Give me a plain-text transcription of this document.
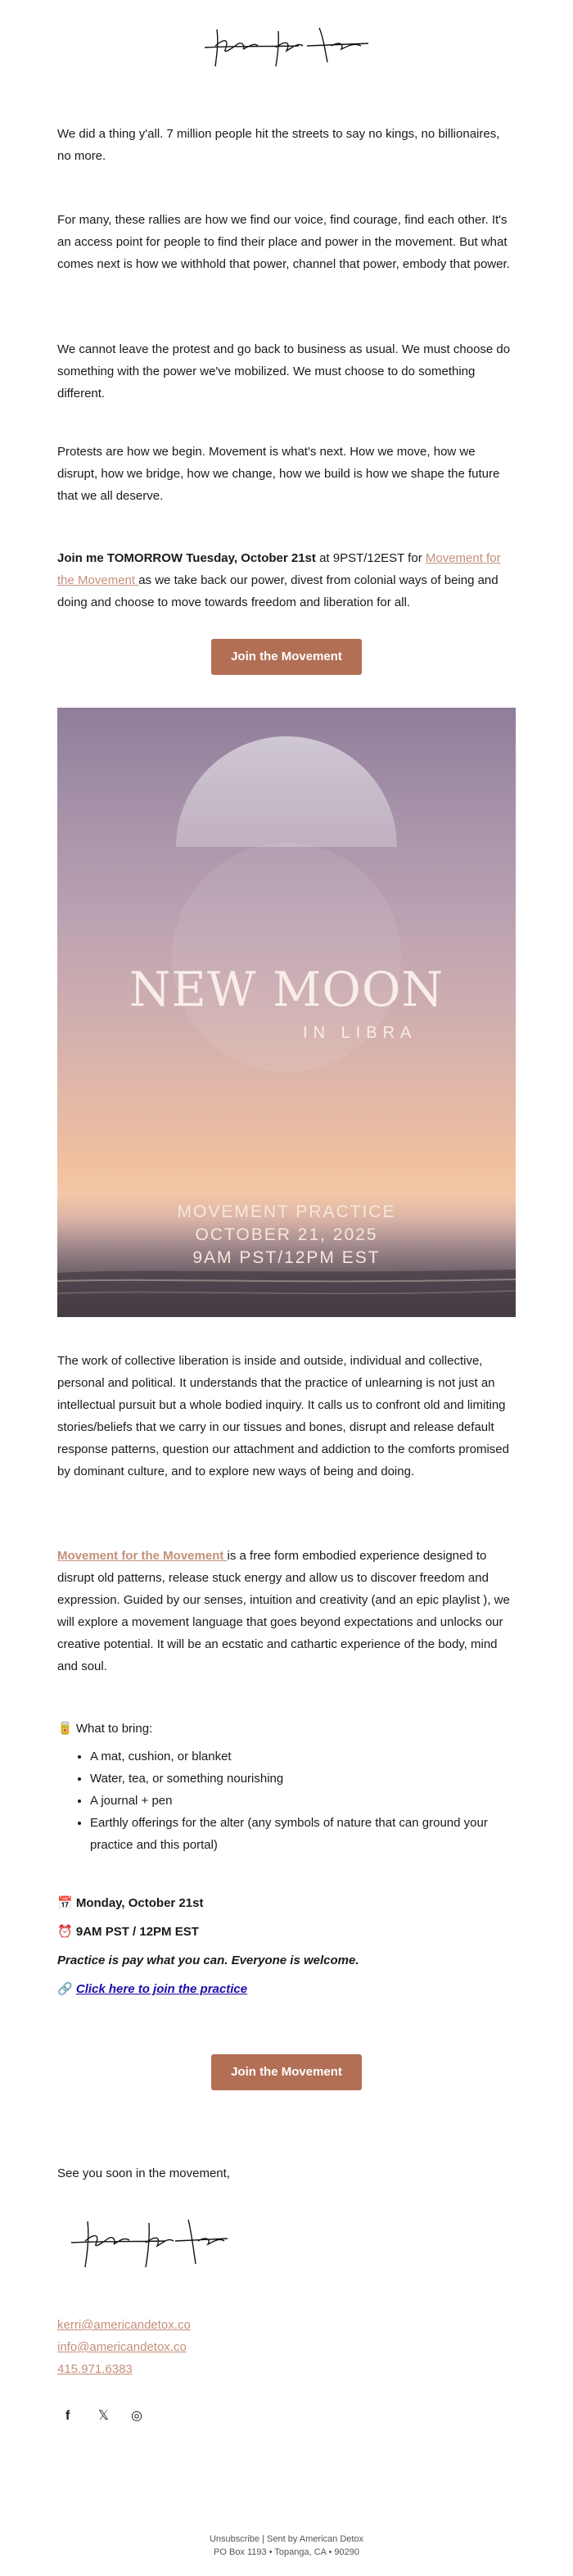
We did a thing y'all. 7 million people hit the streets to say no kings, no billionaires, no more.

For many, these rallies are how we find our voice, find courage, find each other. It's an access point for people to find their place and power in the movement. But what comes next is how we withhold that power, channel that power, embody that power.

We cannot leave the protest and go back to business as usual. We must choose do something with the power we've mobilized. We must choose to do something different.

Protests are how we begin. Movement is what's next. How we move, how we disrupt, how we bridge, how we change, how we build is how we shape the future that we all deserve.

Join me TOMORROW Tuesday, October 21st at 9PST/12EST for Movement for the Movement as we take back our power, divest from colonial ways of being and doing and choose to move towards freedom and liberation for all.

Join the Movement
NEW MOON
IN LIBRA
MOVEMENT PRACTICE
OCTOBER 21, 2025
9AM PST/12PM EST

The work of collective liberation is inside and outside, individual and collective, personal and political. It understands that the practice of unlearning is not just an intellectual pursuit but a whole bodied inquiry. It calls us to confront old and limiting stories/beliefs that we carry in our tissues and bones, disrupt and release default response patterns, question our attachment and addiction to the comforts promised by dominant culture, and to explore new ways of being and doing.

Movement for the Movement is a free form embodied experience designed to disrupt old patterns, release stuck energy and allow us to discover freedom and expression. Guided by our senses, intuition and creativity (and an epic playlist ), we will explore a movement language that goes beyond expectations and unlocks our creative potential. It will be an ecstatic and cathartic experience of the body, mind and soul.

🥫 What to bring:

• A mat, cushion, or blanket
• Water, tea, or something nourishing
• A journal + pen
• Earthly offerings for the alter (any symbols of nature that can ground your practice and this portal)

📅 Monday, October 21st

⏰ 9AM PST / 12PM EST

Practice is pay what you can. Everyone is welcome.

🔗 Click here to join the practice

Join the Movement

See you soon in the movement,

kerri@americandetox.co

info@americandetox.co

415.971.6383

f 𝕏 ◎
Unsubscribe | Sent by American Detox
PO Box 1193 • Topanga, CA • 90290
